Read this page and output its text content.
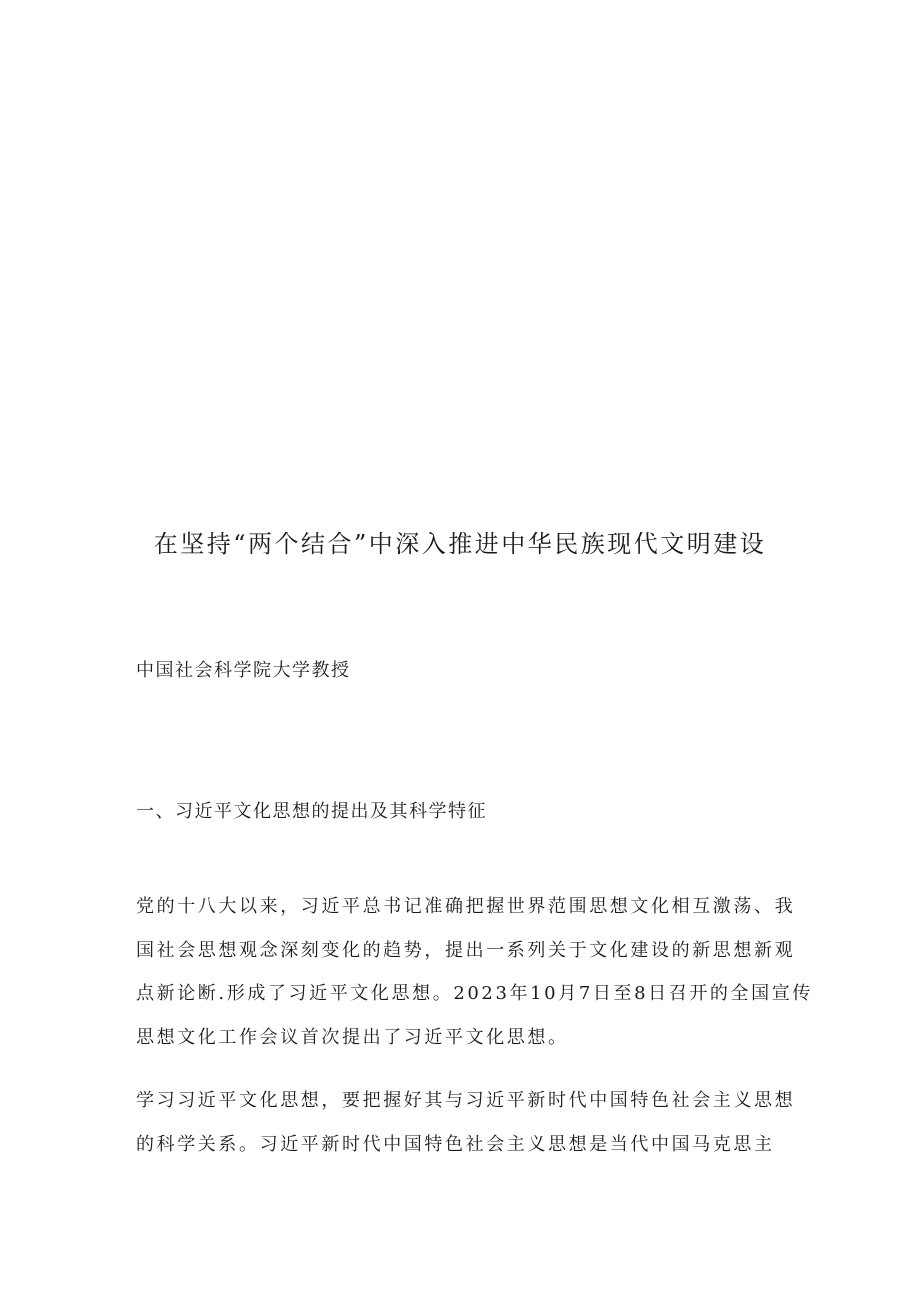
在坚持“两个结合”中深入推进中华民族现代文明建设
中国社会科学院大学教授
一、习近平文化思想的提出及其科学特征
党的十八大以来，习近平总书记准确把握世界范围思想文化相互激荡、我
国社会思想观念深刻变化的趋势，提出一系列关于文化建设的新思想新观
点新论断.形成了习近平文化思想。2023年10月7日至8日召开的全国宣传
思想文化工作会议首次提出了习近平文化思想。
学习习近平文化思想，要把握好其与习近平新时代中国特色社会主义思想
的科学关系。习近平新时代中国特色社会主义思想是当代中国马克思主
